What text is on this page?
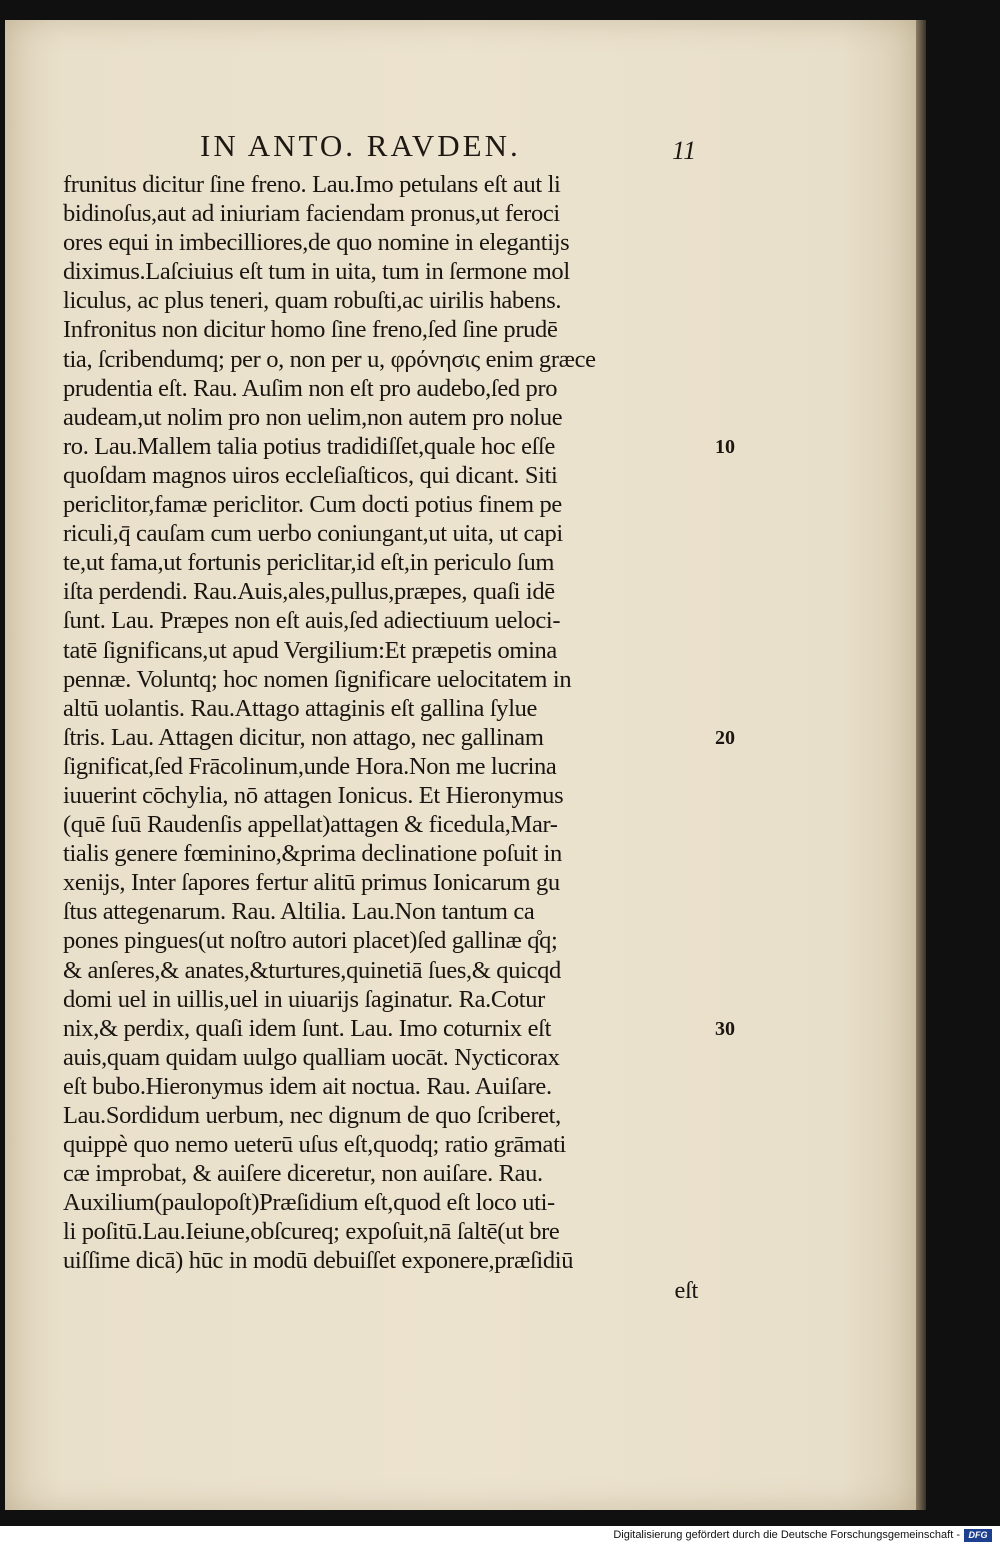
IN ANTO. RAVDEN.	11
frunitus dicitur ſine freno. Lau.Imo petulans eſt aut li
bidinoſus,aut ad iniuriam faciendam pronus,ut feroci
ores equi in imbecilliores,de quo nomine in elegantijs
diximus.Laſciuius eſt tum in uita, tum in ſermone mol
liculus, ac plus teneri, quam robuſti,ac uirilis habens.
Infronitus non dicitur homo ſine freno,ſed ſine prudē
tia, ſcribendumq; per o, non per u, φρόνησις enim græce
prudentia eſt. Rau. Auſim non eſt pro audebo,ſed pro
audeam,ut nolim pro non uelim,non autem pro nolue
ro. Lau.Mallem talia potius tradidiſſet,quale hoc eſſe
quoſdam magnos uiros eccleſiaſticos, qui dicant. Siti
periclitor,famæ periclitor. Cum docti potius finem pe
riculi,q̄ cauſam cum uerbo coniungant,ut uita, ut capi
te,ut fama,ut fortunis periclitar,id eſt,in periculo ſum
iſta perdendi. Rau.Auis,ales,pullus,præpes, quaſi idē
ſunt. Lau. Præpes non eſt auis,ſed adiectiuum ueloci-
tatē ſignificans,ut apud Vergilium:Et præpetis omina
pennæ. Voluntq; hoc nomen ſignificare uelocitatem in
altū uolantis. Rau.Attago attaginis eſt gallina ſylue
ſtris. Lau. Attagen dicitur, non attago, nec gallinam
ſignificat,ſed Frācolinum,unde Hora.Non me lucrina
iuuerint cōchylia, nō attagen Ionicus. Et Hieronymus
(quē ſuū Raudenſis appellat)attagen & ficedula,Mar-
tialis genere fœminino,&prima declinatione poſuit in
xenijs, Inter ſapores fertur alitū primus Ionicarum gu
ſtus attegenarum. Rau. Altilia. Lau.Non tantum ca
pones pingues(ut noſtro autori placet)ſed gallinæ q̊q;
& anſeres,& anates,&turtures,quinetiā ſues,& quicqd
domi uel in uillis,uel in uiuarijs ſaginatur. Ra.Cotur
nix,& perdix, quaſi idem ſunt. Lau. Imo coturnix eſt
auis,quam quidam uulgo qualliam uocāt. Nycticorax
eſt bubo.Hieronymus idem ait noctua. Rau. Auiſare.
Lau.Sordidum uerbum, nec dignum de quo ſcriberet,
quippè quo nemo ueterū uſus eſt,quodq; ratio grāmati
cæ improbat, & auiſere diceretur, non auiſare. Rau.
Auxilium(paulopoſt)Præſidium eſt,quod eſt loco uti-
li poſitū.Lau.Ieiune,obſcureq; expoſuit,nā ſaltē(ut bre
uiſſime dicā) hūc in modū debuiſſet exponere,præſidiū
eſt
10
20
30
Digitalisierung gefördert durch die Deutsche Forschungsgemeinschaft - DFG
